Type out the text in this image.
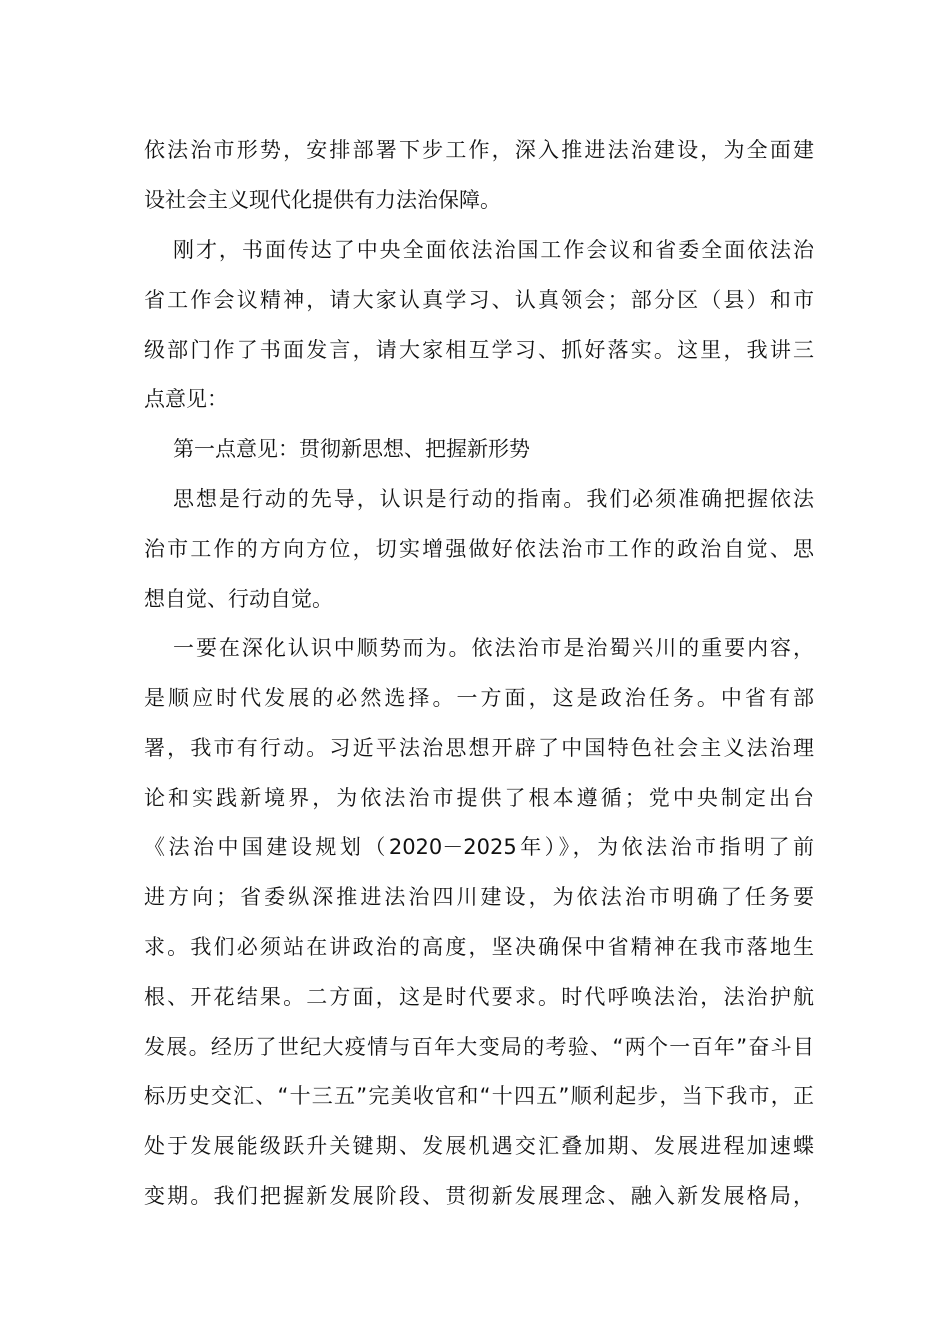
依法治市形势，安排部署下步工作，深入推进法治建设，为全面建
设社会主义现代化提供有力法治保障。
刚才，书面传达了中央全面依法治国工作会议和省委全面依法治
省工作会议精神，请大家认真学习、认真领会；部分区（县）和市
级部门作了书面发言，请大家相互学习、抓好落实。这里，我讲三
点意见：
第一点意见：贯彻新思想、把握新形势
思想是行动的先导，认识是行动的指南。我们必须准确把握依法
治市工作的方向方位，切实增强做好依法治市工作的政治自觉、思
想自觉、行动自觉。
一要在深化认识中顺势而为。依法治市是治蜀兴川的重要内容，
是顺应时代发展的必然选择。一方面，这是政治任务。中省有部
署，我市有行动。习近平法治思想开辟了中国特色社会主义法治理
论和实践新境界，为依法治市提供了根本遵循；党中央制定出台
《法治中国建设规划（2020－2025年）》，为依法治市指明了前
进方向；省委纵深推进法治四川建设，为依法治市明确了任务要
求。我们必须站在讲政治的高度，坚决确保中省精神在我市落地生
根、开花结果。二方面，这是时代要求。时代呼唤法治，法治护航
发展。经历了世纪大疫情与百年大变局的考验、“两个一百年”奋斗目
标历史交汇、“十三五”完美收官和“十四五”顺利起步，当下我市，正
处于发展能级跃升关键期、发展机遇交汇叠加期、发展进程加速蝶
变期。我们把握新发展阶段、贯彻新发展理念、融入新发展格局，
